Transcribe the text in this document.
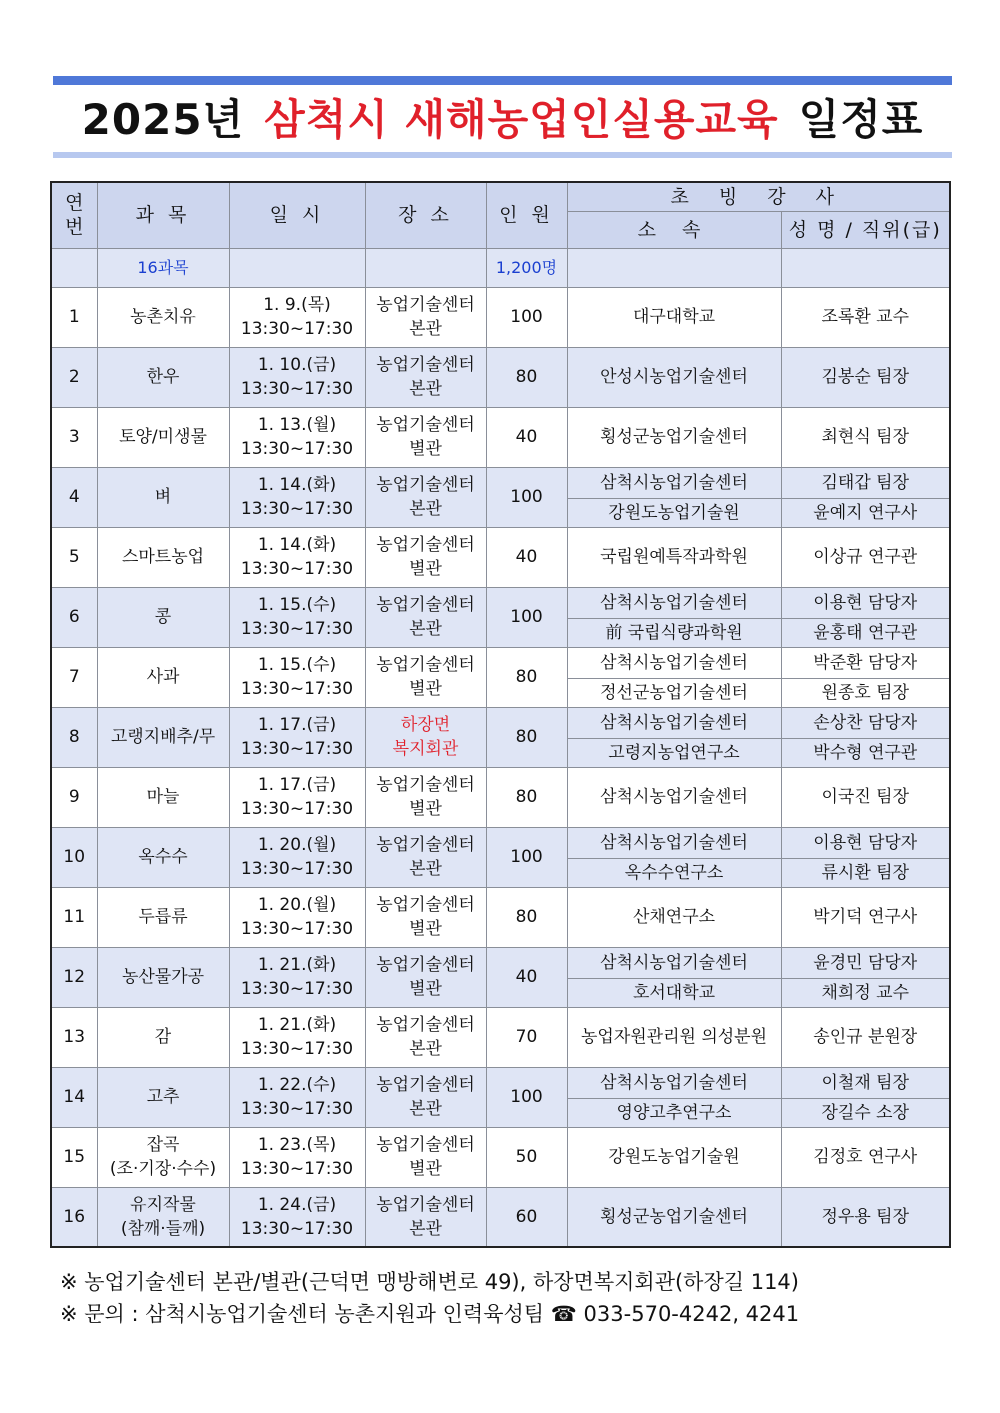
2025년 삼척시 새해농업인실용교육 일정표
연
번	과 목	일 시	장 소	인 원	초 빙 강 사	
					소 속	성 명 / 직위(급)
	16과목			1,200명		
1	농촌치유	1. 9.(목)
13:30~17:30	농업기술센터
본관	100	대구대학교	조록환 교수
2	한우	1. 10.(금)
13:30~17:30	농업기술센터
본관	80	안성시농업기술센터	김봉순 팀장
3	토양/미생물	1. 13.(월)
13:30~17:30	농업기술센터
별관	40	횡성군농업기술센터	최현식 팀장
4	벼	1. 14.(화)
13:30~17:30	농업기술센터
본관	100	삼척시농업기술센터	김태갑 팀장
					강원도농업기술원	윤예지 연구사
5	스마트농업	1. 14.(화)
13:30~17:30	농업기술센터
별관	40	국립원예특작과학원	이상규 연구관
6	콩	1. 15.(수)
13:30~17:30	농업기술센터
본관	100	삼척시농업기술센터	이용현 담당자
					前 국립식량과학원	윤홍태 연구관
7	사과	1. 15.(수)
13:30~17:30	농업기술센터
별관	80	삼척시농업기술센터	박준환 담당자
					정선군농업기술센터	원종호 팀장
8	고랭지배추/무	1. 17.(금)
13:30~17:30	하장면
복지회관	80	삼척시농업기술센터	손상찬 담당자
					고령지농업연구소	박수형 연구관
9	마늘	1. 17.(금)
13:30~17:30	농업기술센터
별관	80	삼척시농업기술센터	이국진 팀장
10	옥수수	1. 20.(월)
13:30~17:30	농업기술센터
본관	100	삼척시농업기술센터	이용현 담당자
					옥수수연구소	류시환 팀장
11	두릅류	1. 20.(월)
13:30~17:30	농업기술센터
별관	80	산채연구소	박기덕 연구사
12	농산물가공	1. 21.(화)
13:30~17:30	농업기술센터
별관	40	삼척시농업기술센터	윤경민 담당자
					호서대학교	채희정 교수
13	감	1. 21.(화)
13:30~17:30	농업기술센터
본관	70	농업자원관리원 의성분원	송인규 분원장
14	고추	1. 22.(수)
13:30~17:30	농업기술센터
본관	100	삼척시농업기술센터	이철재 팀장
					영양고추연구소	장길수 소장
15	잡곡
(조·기장·수수)	1. 23.(목)
13:30~17:30	농업기술센터
별관	50	강원도농업기술원	김정호 연구사
16	유지작물
(참깨·들깨)	1. 24.(금)
13:30~17:30	농업기술센터
본관	60	횡성군농업기술센터	정우용 팀장
※ 농업기술센터 본관/별관(근덕면 맹방해변로 49), 하장면복지회관(하장길 114)
※ 문의 : 삼척시농업기술센터 농촌지원과 인력육성팀 ☎ 033-570-4242, 4241
